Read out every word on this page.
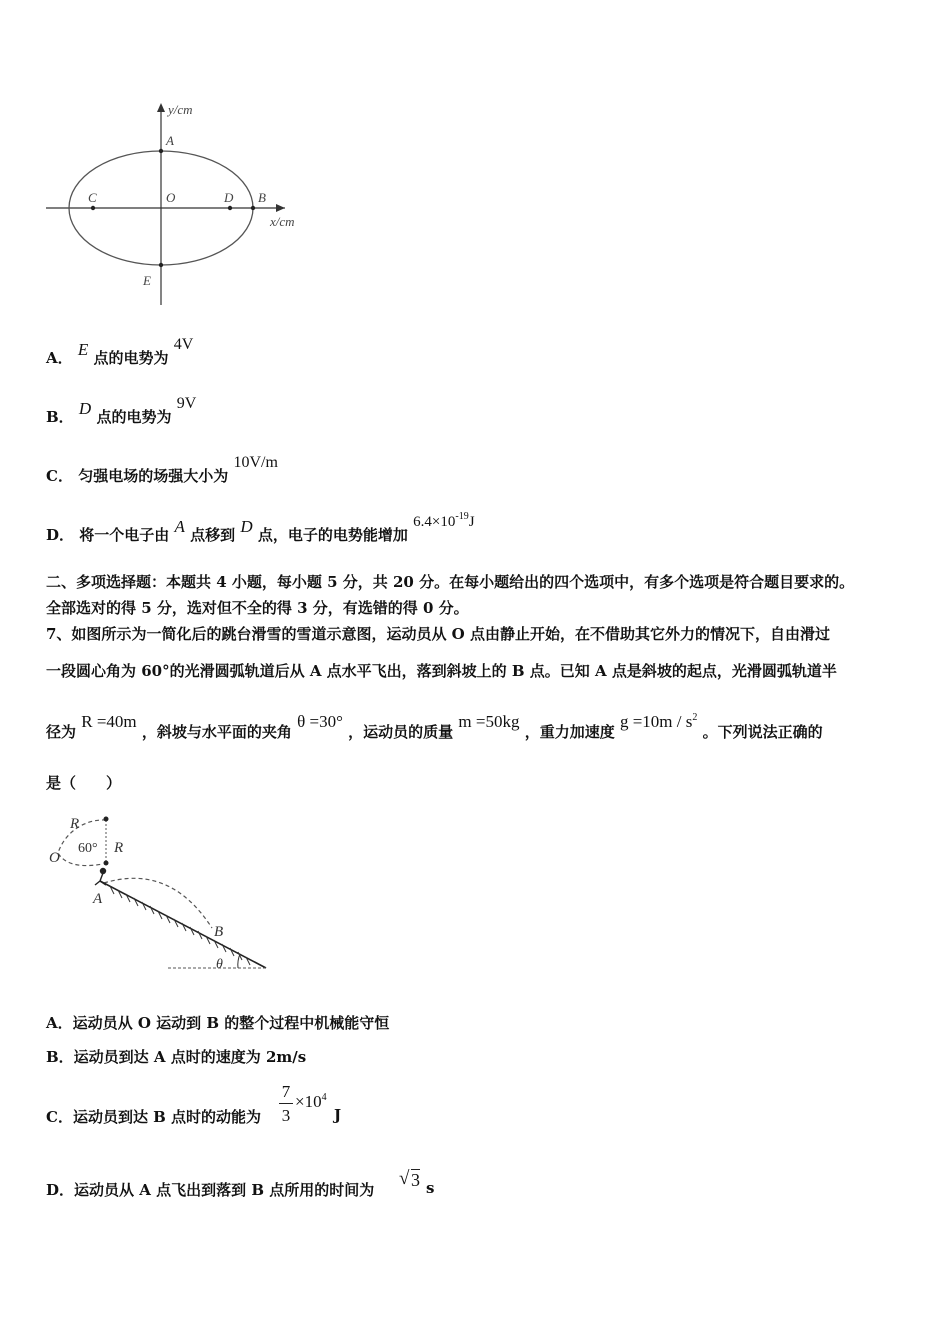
y/cm
x/cm
A
B
C	D
E
O
A． E 点的电势为 4V
B． D 点的电势为 9V
C． 匀强电场的场强大小为 10V/m
D． 将一个电子由 A 点移到 D 点，电子的电势能增加 $6.4\times 10^{-19}J$
二、多项选择题：本题共 4 小题，每小题 5 分，共 20 分。在每小题给出的四个选项中，有多个选项是符合题目要求的。
全部选对的得 5 分，选对但不全的得 3 分，有选错的得 0 分。
7、如图所示为一简化后的跳台滑雪的雪道示意图，运动员从 O 点由静止开始，在不借助其它外力的情况下，自由滑过
一段圆心角为 60°的光滑圆弧轨道后从 A 点水平飞出，落到斜坡上的 B 点。已知 A 点是斜坡的起点，光滑圆弧轨道半
径为 R =40m ，斜坡与水平面的夹角 θ =30° ，运动员的质量 m =50kg ，重力加速度 $g =10m / s^2$ 。下列说法正确的
是（　　）
R
R
60°
O
A
B
θ
A．运动员从 O 运动到 B 的整个过程中机械能守恒
B．运动员到达 A 点时的速度为 2m/s
C．运动员到达 B 点时的动能为
7
3
$\times 10^4$
J
D．运动员从 A 点飞出到落到 B 点所用的时间为
√ 3 s
